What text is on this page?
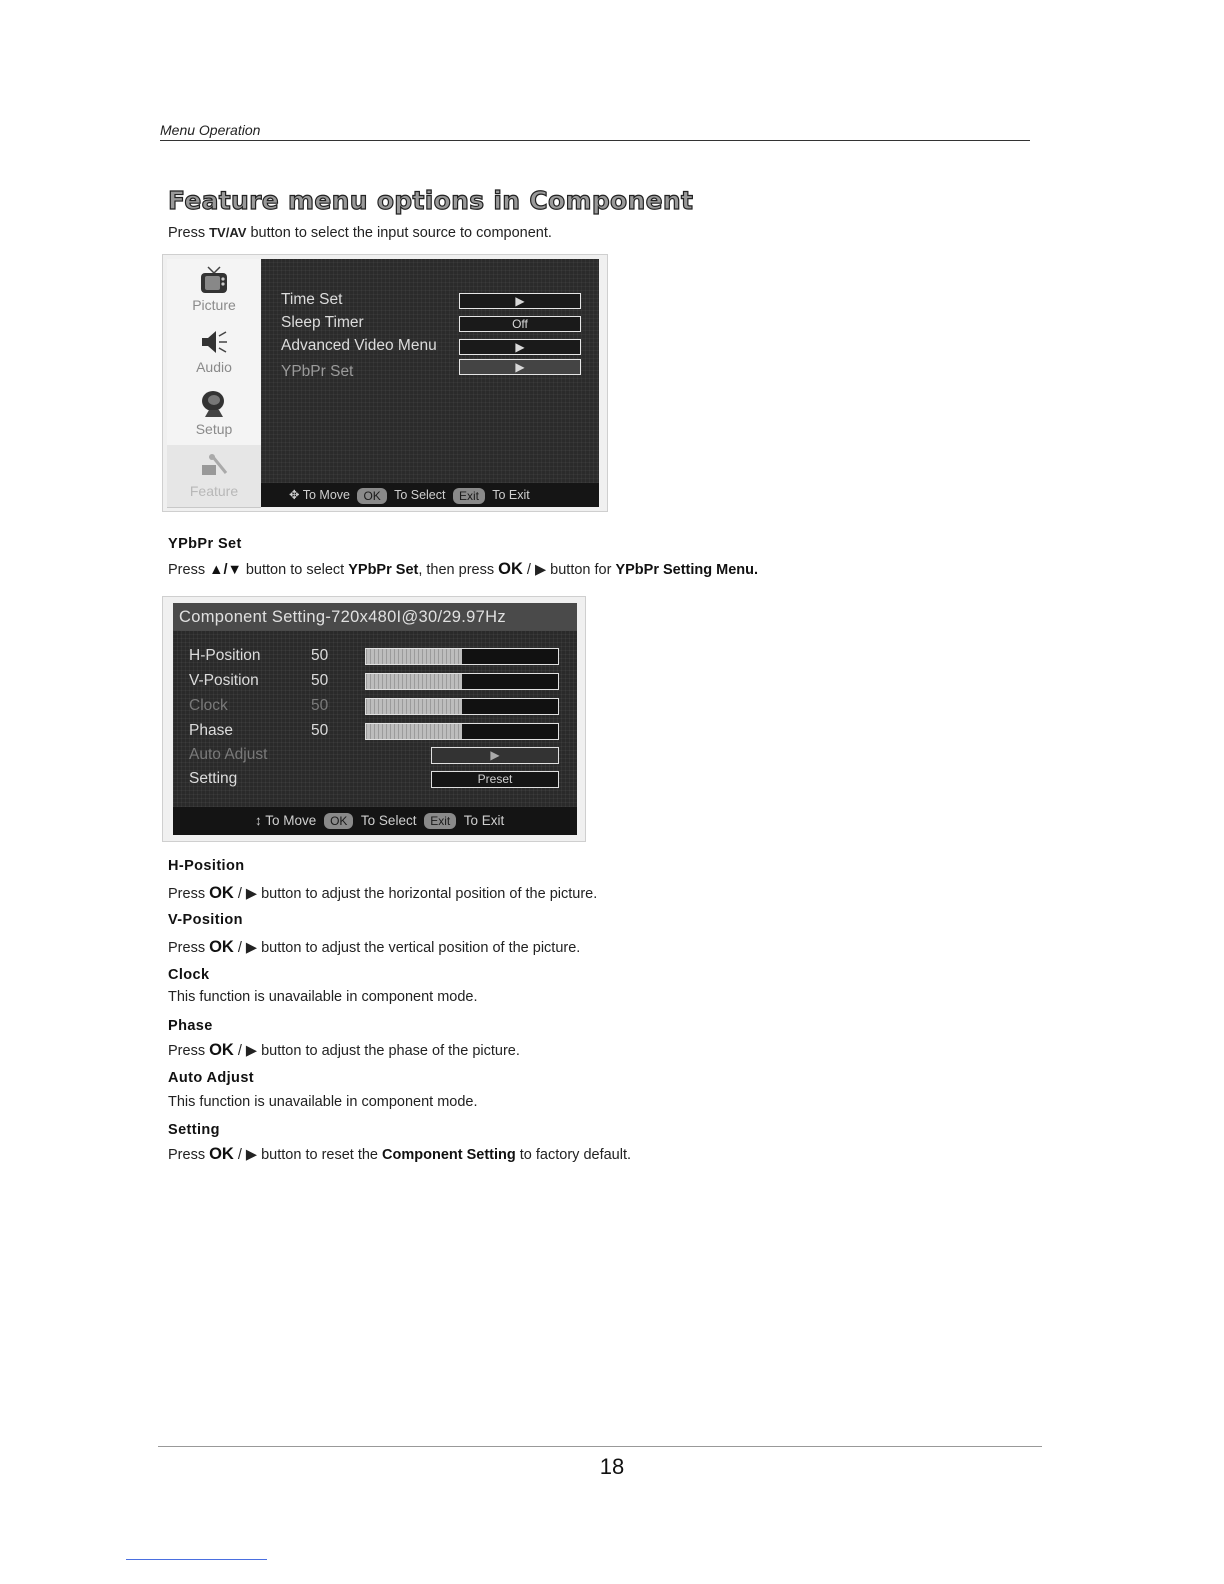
Menu Operation
Feature menu options in Component
Press TV/AV button to select the input source to component.
Picture
Audio
Setup
Feature
Time Set	▶
Sleep Timer	Off
Advanced Video Menu	▶
YPbPr Set	▶
✥ To Move OK To Select Exit To Exit
YPbPr Set
Press ▲/▼ button to select YPbPr Set, then press OK / ▶ button for YPbPr Setting Menu.
Component Setting-720x480I@30/29.97Hz
H-Position	50
V-Position	50
Clock	50
Phase	50
Auto Adjust	▶
Setting	Preset
↕ To Move OK To Select Exit To Exit
H-Position
Press OK / ▶ button to adjust the horizontal position of the picture.
V-Position
Press OK / ▶ button to adjust the vertical position of the picture.
Clock
This function is unavailable in component mode.
Phase
Press OK / ▶ button to adjust the phase of the picture.
Auto Adjust
This function is unavailable in component mode.
Setting
Press OK / ▶ button to reset the Component Setting to factory default.
18
